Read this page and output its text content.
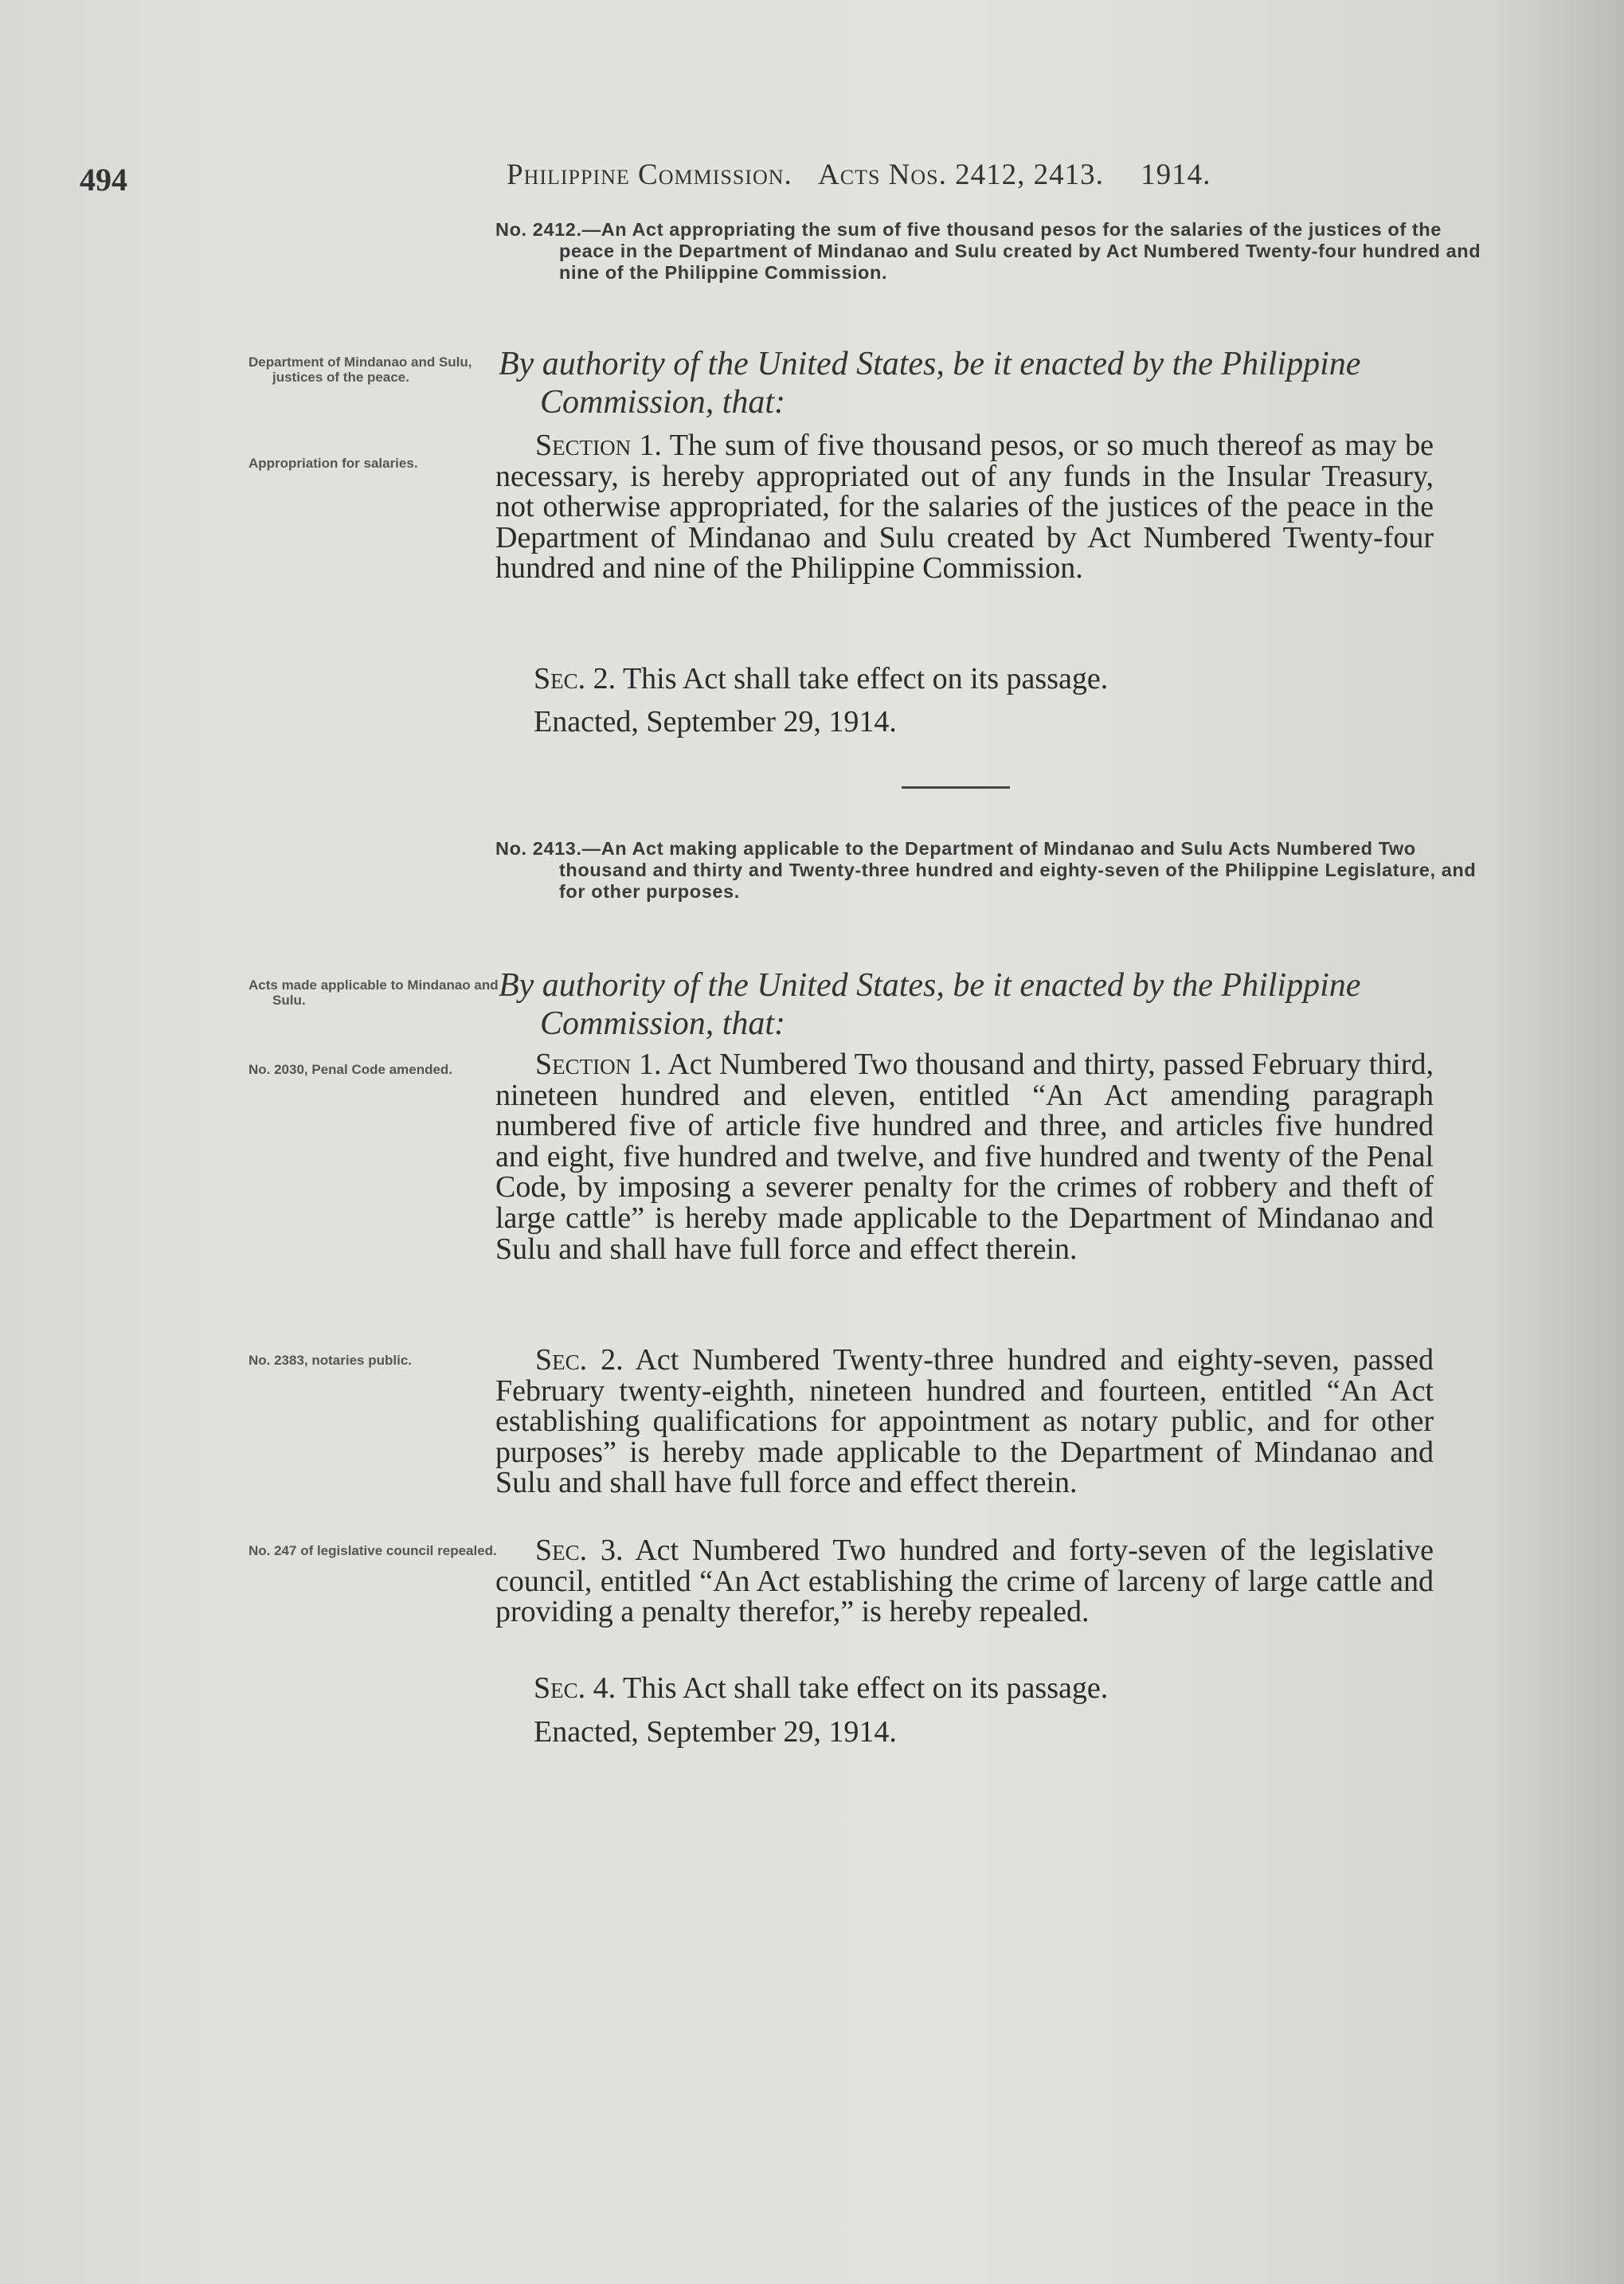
494	Philippine Commission. Acts Nos. 2412, 2413. 1914.
No. 2412.—An Act appropriating the sum of five thousand pesos for the salaries of the justices of the peace in the Department of Mindanao and Sulu created by Act Numbered Twenty-four hundred and nine of the Philippine Commission.
Department of Mindanao and Sulu, justices of the peace.	By authority of the United States, be it enacted by the Philippine Commission, that:
Appropriation for salaries.
Section 1. The sum of five thousand pesos, or so much thereof as may be necessary, is hereby appropriated out of any funds in the Insular Treasury, not otherwise appropriated, for the salaries of the justices of the peace in the Department of Mindanao and Sulu created by Act Numbered Twenty-four hundred and nine of the Philippine Commission.
Sec. 2. This Act shall take effect on its passage.
Enacted, September 29, 1914.
No. 2413.—An Act making applicable to the Department of Mindanao and Sulu Acts Numbered Two thousand and thirty and Twenty-three hundred and eighty-seven of the Philippine Legislature, and for other purposes.
Acts made applicable to Mindanao and Sulu.	By authority of the United States, be it enacted by the Philippine Commission, that:
No. 2030, Penal Code amended.	Section 1. Act Numbered Two thousand and thirty, passed February third, nineteen hundred and eleven, entitled “An Act amending paragraph numbered five of article five hundred and three, and articles five hundred and eight, five hundred and twelve, and five hundred and twenty of the Penal Code, by imposing a severer penalty for the crimes of robbery and theft of large cattle” is hereby made applicable to the Department of Mindanao and Sulu and shall have full force and effect therein.
No. 2383, notaries public.	Sec. 2. Act Numbered Twenty-three hundred and eighty-seven, passed February twenty-eighth, nineteen hundred and fourteen, entitled “An Act establishing qualifications for appointment as notary public, and for other purposes” is hereby made applicable to the Department of Mindanao and Sulu and shall have full force and effect therein.
No. 247 of legislative council repealed.	Sec. 3. Act Numbered Two hundred and forty-seven of the legislative council, entitled “An Act establishing the crime of larceny of large cattle and providing a penalty therefor,” is hereby repealed.
Sec. 4. This Act shall take effect on its passage.
Enacted, September 29, 1914.
